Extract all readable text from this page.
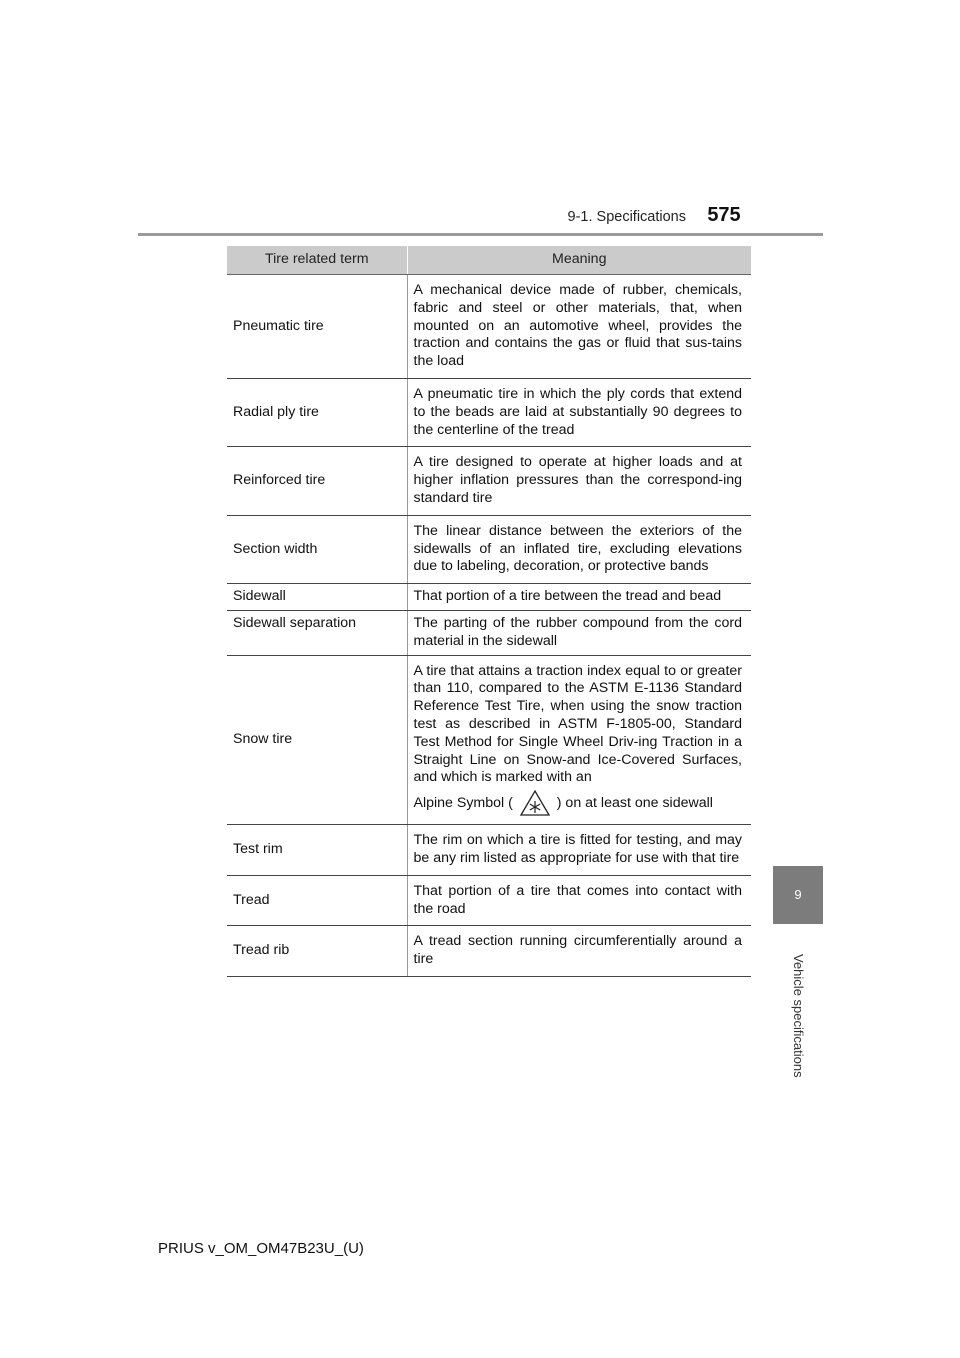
9-1. Specifications	575
9
Vehicle specifications
Tire related term	Meaning
Pneumatic tire	A mechanical device made of rubber, chemicals, fabric and steel or other materials, that, when mounted on an automotive wheel, provides the traction and contains the gas or fluid that sus-tains the load
Radial ply tire	A pneumatic tire in which the ply cords that extend to the beads are laid at substantially 90 degrees to the centerline of the tread
Reinforced tire	A tire designed to operate at higher loads and at higher inflation pressures than the correspond-ing standard tire
Section width	The linear distance between the exteriors of the sidewalls of an inflated tire, excluding elevations due to labeling, decoration, or protective bands
Sidewall	That portion of a tire between the tread and bead
Sidewall separation	The parting of the rubber compound from the cord material in the sidewall
Snow tire	A tire that attains a traction index equal to or greater than 110, compared to the ASTM E-1136 Standard Reference Test Tire, when using the snow traction test as described in ASTM F-1805-00, Standard Test Method for Single Wheel Driv-ing Traction in a Straight Line on Snow-and Ice-Covered Surfaces, and which is marked with an
Alpine Symbol ( ) on at least one sidewall

Test rim	The rim on which a tire is fitted for testing, and may be any rim listed as appropriate for use with that tire
Tread	That portion of a tire that comes into contact with the road
Tread rib	A tread section running circumferentially around a tire
PRIUS v_OM_OM47B23U_(U)
